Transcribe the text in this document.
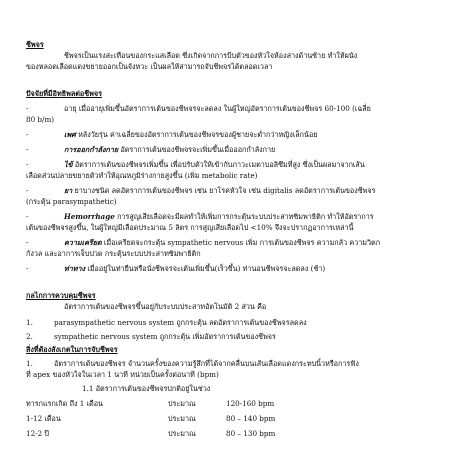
ชีพจร
ชีพจรเป็นแรงสะเทือนของกระแสเลือด ซึ่งเกิดจากการบีบตัวของหัวใจห้องล่างด้านซ้าย ทำให้ผนัง
ของหลอดเลือดแดงขยายออกเป็นจังหวะ เป็นผลให้สามารถจับชีพจรได้ตลอดเวลา
ปัจจัยที่มีอิทธิพลต่อชีพจร
-	อายุ เมื่ออายุเพิ่มขึ้นอัตราการเต้นของชีพจรจะลดลง ในผู้ใหญ่อัตราการเต้นของชีพจร 60-100 (เฉลี่ย
80 b/m)
-	เพศ หลังวัยรุ่น ค่าเฉลี่ยของอัตราการเต้นของชีพจรของผู้ชายจะต่ำกว่าหญิงเล็กน้อย
-	การออกกำลังกาย อัตราการเต้นของชีพจรจะเพิ่มขึ้นเมื่อออกกำลังกาย
-	ไข้ อัตราการเต้นของชีพจรเพิ่มขึ้น เพื่อปรับตัวให้เข้ากับภาวะเมตาบอลิซึมที่สูง ซึ่งเป็นผลมาจากเส้น
เลือดส่วนปลายขยายตัวทำให้อุณหภูมิร่างกายสูงขึ้น (เพิ่ม metabolic rate)
-	ยา ยาบางชนิด ลดอัตราการเต้นของชีพจร เช่น ยาโรคหัวใจ เช่น digitalis ลดอัตราการเต้นของชีพจร
(กระตุ้น parasympathetic)
-	Hemorrhage การสูญเสียเลือดจะมีผลทำให้เพิ่มการกระตุ้นระบบประสาทซิมพาธิติก ทำให้อัตราการ
เต้นของชีพจรสูงขึ้น, ในผู้ใหญ่มีเลือดประมาณ 5 ลิตร การสูญเสียเลือดไป <10% จึงจะปรากฏอาการเหล่านี้
-	ความเครียด เมื่อเครียดจะกระตุ้น sympathetic nervous เพิ่ม การเต้นของชีพจร ความกลัว ความวิตก
กังวล และอาการเจ็บปวด กระตุ้นระบบประสาทซิมพาธิติก
-	ท่าทาง เมื่ออยู่ในท่ายืนหรือนั่งชีพจรจะเต้นเพิ่มขึ้น(เร็วขึ้น) ท่านอนชีพจรจะลดลง (ช้า)
กลไกการควบคุมชีพจร
อัตราการเต้นของชีพจรขึ้นอยู่กับระบบประสาทอัตโนมัติ 2 ส่วน คือ
1.	parasympathetic nervous system ถูกกระตุ้น ลดอัตราการเต้นของชีพจรลดลง
2.	sympathetic nervous system ถูกกระตุ้น เพิ่มอัตราการเต้นของชีพจร
สิ่งที่ต้องสังเกตในการจับชีพจร
1.	อัตราการเต้นของชีพจร จำนวนครั้งของความรู้สึกที่ได้จากคลื่นบนเส้นเลือดแดงกระทบนิ้วหรือการฟัง
ที่ apex ของหัวใจในเวลา 1 นาที หน่วยเป็นครั้งต่อนาที (bpm)
1.1 อัตราการเต้นของชีพจรปกติอยู่ในช่วง
ทารกแรกเกิด ถึง 1 เดือน	ประมาณ	120-160 bpm
1-12 เดือน	ประมาณ	80 – 140 bpm
12-2 ปี	ประมาณ	80 – 130 bpm
